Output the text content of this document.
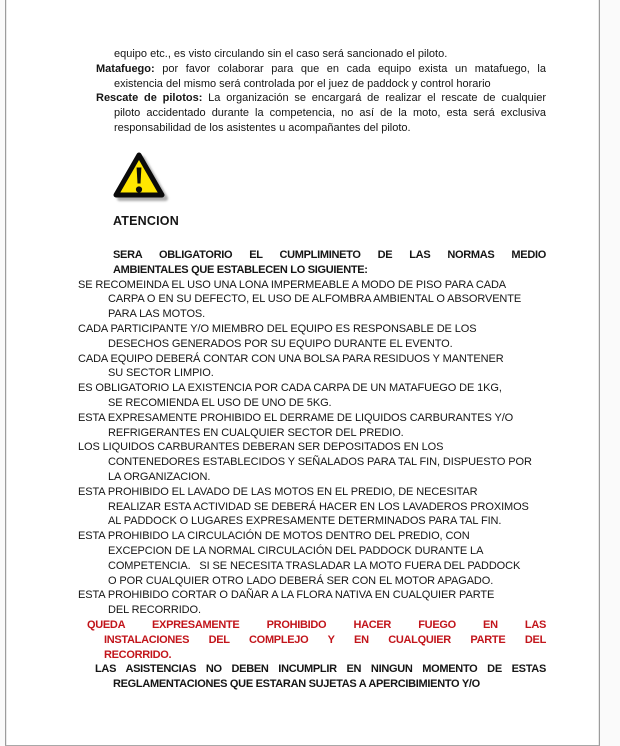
equipo etc., es visto circulando sin el caso será sancionado el piloto.
Matafuego: por favor colaborar para que en cada equipo exista un matafuego, la
existencia del mismo será controlada por el juez de paddock y control horario
Rescate de pilotos: La organización se encargará de realizar el rescate de cualquier
piloto accidentado durante la competencia, no así de la moto, esta será exclusiva
responsabilidad de los asistentes u acompañantes del piloto.
ATENCION
SERA OBLIGATORIO EL CUMPLIMINETO DE LAS NORMAS MEDIO
AMBIENTALES QUE ESTABLECEN LO SIGUIENTE:
SE RECOMEINDA EL USO UNA LONA IMPERMEABLE A MODO DE PISO PARA CADA
CARPA O EN SU DEFECTO, EL USO DE ALFOMBRA AMBIENTAL O ABSORVENTE
PARA LAS MOTOS.
CADA PARTICIPANTE Y/O MIEMBRO DEL EQUIPO ES RESPONSABLE DE LOS
DESECHOS GENERADOS POR SU EQUIPO DURANTE EL EVENTO.
CADA EQUIPO DEBERÁ CONTAR CON UNA BOLSA PARA RESIDUOS Y MANTENER
SU SECTOR LIMPIO.
ES OBLIGATORIO LA EXISTENCIA POR CADA CARPA DE UN MATAFUEGO DE 1KG,
SE RECOMIENDA EL USO DE UNO DE 5KG.
ESTA EXPRESAMENTE PROHIBIDO EL DERRAME DE LIQUIDOS CARBURANTES Y/O
REFRIGERANTES EN CUALQUIER SECTOR DEL PREDIO.
LOS LIQUIDOS CARBURANTES DEBERAN SER DEPOSITADOS EN LOS
CONTENEDORES ESTABLECIDOS Y SEÑALADOS PARA TAL FIN, DISPUESTO POR
LA ORGANIZACION.
ESTA PROHIBIDO EL LAVADO DE LAS MOTOS EN EL PREDIO, DE NECESITAR
REALIZAR ESTA ACTIVIDAD SE DEBERÁ HACER EN LOS LAVADEROS PROXIMOS
AL PADDOCK O LUGARES EXPRESAMENTE DETERMINADOS PARA TAL FIN.
ESTA PROHIBIDO LA CIRCULACIÓN DE MOTOS DENTRO DEL PREDIO, CON
EXCEPCION DE LA NORMAL CIRCULACIÓN DEL PADDOCK DURANTE LA
COMPETENCIA.   SI SE NECESITA TRASLADAR LA MOTO FUERA DEL PADDOCK
O POR CUALQUIER OTRO LADO DEBERÁ SER CON EL MOTOR APAGADO.
ESTA PROHIBIDO CORTAR O DAÑAR A LA FLORA NATIVA EN CUALQUIER PARTE
DEL RECORRIDO.
QUEDA EXPRESAMENTE PROHIBIDO HACER FUEGO EN LAS
INSTALACIONES DEL COMPLEJO Y EN CUALQUIER PARTE DEL
RECORRIDO.
LAS ASISTENCIAS NO DEBEN INCUMPLIR EN NINGUN MOMENTO DE ESTAS
REGLAMENTACIONES QUE ESTARAN SUJETAS A APERCIBIMIENTO Y/O
